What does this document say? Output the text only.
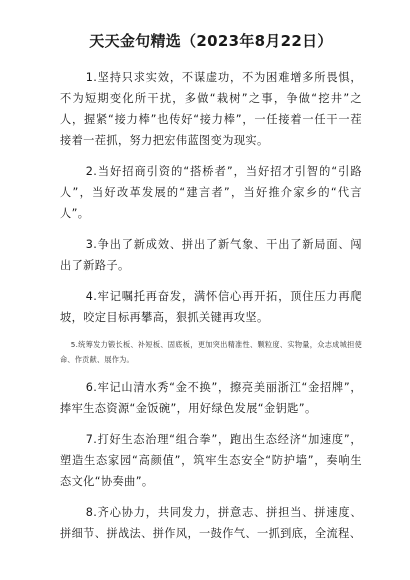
天天金句精选（2023年8月22日）

1.坚持只求实效，不谋虚功，不为困难增多所畏惧，不为短期变化所干扰，多做“栽树”之事，争做“挖井”之人，握紧“接力棒”也传好“接力棒”，一任接着一任干一茬接着一茬抓，努力把宏伟蓝图变为现实。

2.当好招商引资的“搭桥者”，当好招才引智的“引路人”，当好改革发展的“建言者”，当好推介家乡的“代言人”。

3.争出了新成效、拼出了新气象、干出了新局面、闯出了新路子。

4.牢记嘱托再奋发，满怀信心再开拓，顶住压力再爬坡，咬定目标再攀高，狠抓关键再攻坚。

5.统筹发力锻长板、补短板、固底板，更加突出精准性、颗粒度、实物量，众志成城担使命、作贡献、展作为。

6.牢记山清水秀“金不换”，擦亮美丽浙江“金招牌”，捧牢生态资源“金饭碗”，用好绿色发展“金钥匙”。

7.打好生态治理“组合拳”，跑出生态经济“加速度”，塑造生态家园“高颜值”，筑牢生态安全“防护墙”，奏响生态文化“协奏曲”。

8.齐心协力，共同发力，拼意志、拼担当、拼速度、拼细节、拼战法、拼作风，一鼓作气、一抓到底，全流程、
